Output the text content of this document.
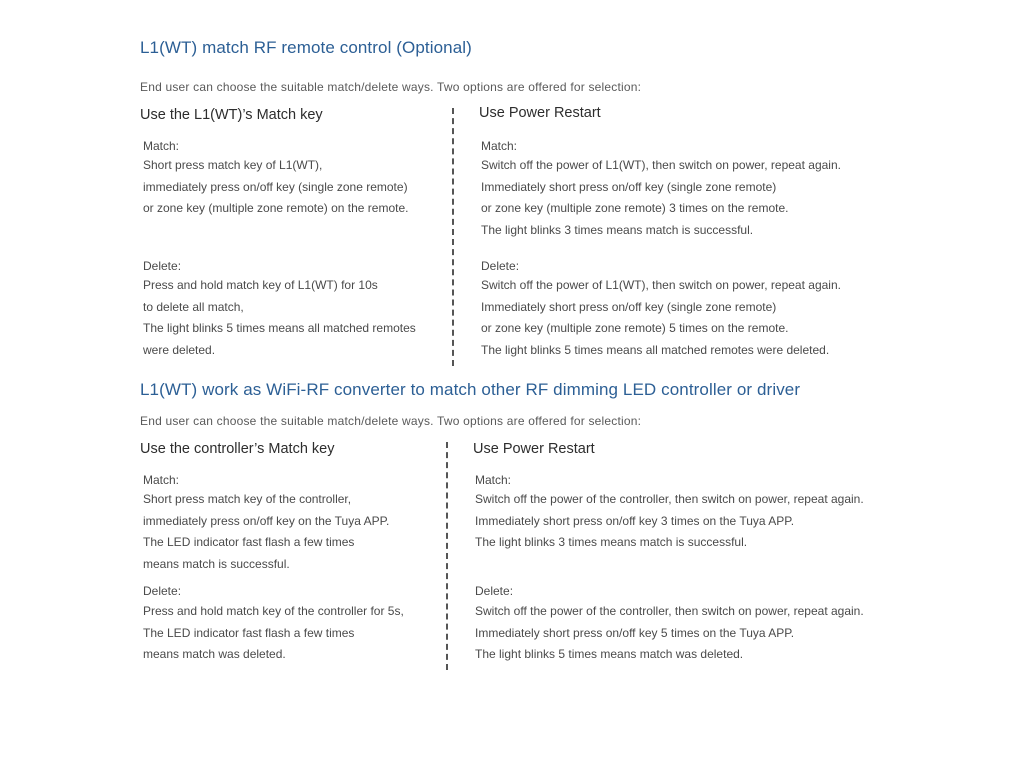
L1(WT) match RF remote control (Optional)
End user can choose the suitable match/delete ways. Two options are offered for selection:
Use the L1(WT)’s Match key
Match:
Short press match key of L1(WT),
immediately press on/off key (single zone remote)
or zone key (multiple zone remote) on the remote.
Delete:
Press and hold match key of L1(WT) for 10s
to delete all match,
The light blinks 5 times means all matched remotes
were deleted.
Use Power Restart
Match:
Switch off the power of L1(WT), then switch on power, repeat again.
Immediately short press on/off key (single zone remote)
or zone key (multiple zone remote) 3 times on the remote.
The light blinks 3 times means match is successful.
Delete:
Switch off the power of L1(WT), then switch on power, repeat again.
Immediately short press on/off key (single zone remote)
or zone key (multiple zone remote) 5 times on the remote.
The light blinks 5 times means all matched remotes were deleted.
L1(WT) work as WiFi-RF converter to match other RF dimming LED controller or driver
End user can choose the suitable match/delete ways. Two options are offered for selection:
Use the controller’s Match key
Match:
Short press match key of the controller,
immediately press on/off key on the Tuya APP.
The LED indicator fast flash a few times
means match is successful.
Delete:
Press and hold match key of the controller for 5s,
The LED indicator fast flash a few times
means match was deleted.
Use Power Restart
Match:
Switch off the power of the controller, then switch on power, repeat again.
Immediately short press on/off key 3 times on the Tuya APP.
The light blinks 3 times means match is successful.
Delete:
Switch off the power of the controller, then switch on power, repeat again.
Immediately short press on/off key 5 times on the Tuya APP.
The light blinks 5 times means match was deleted.
